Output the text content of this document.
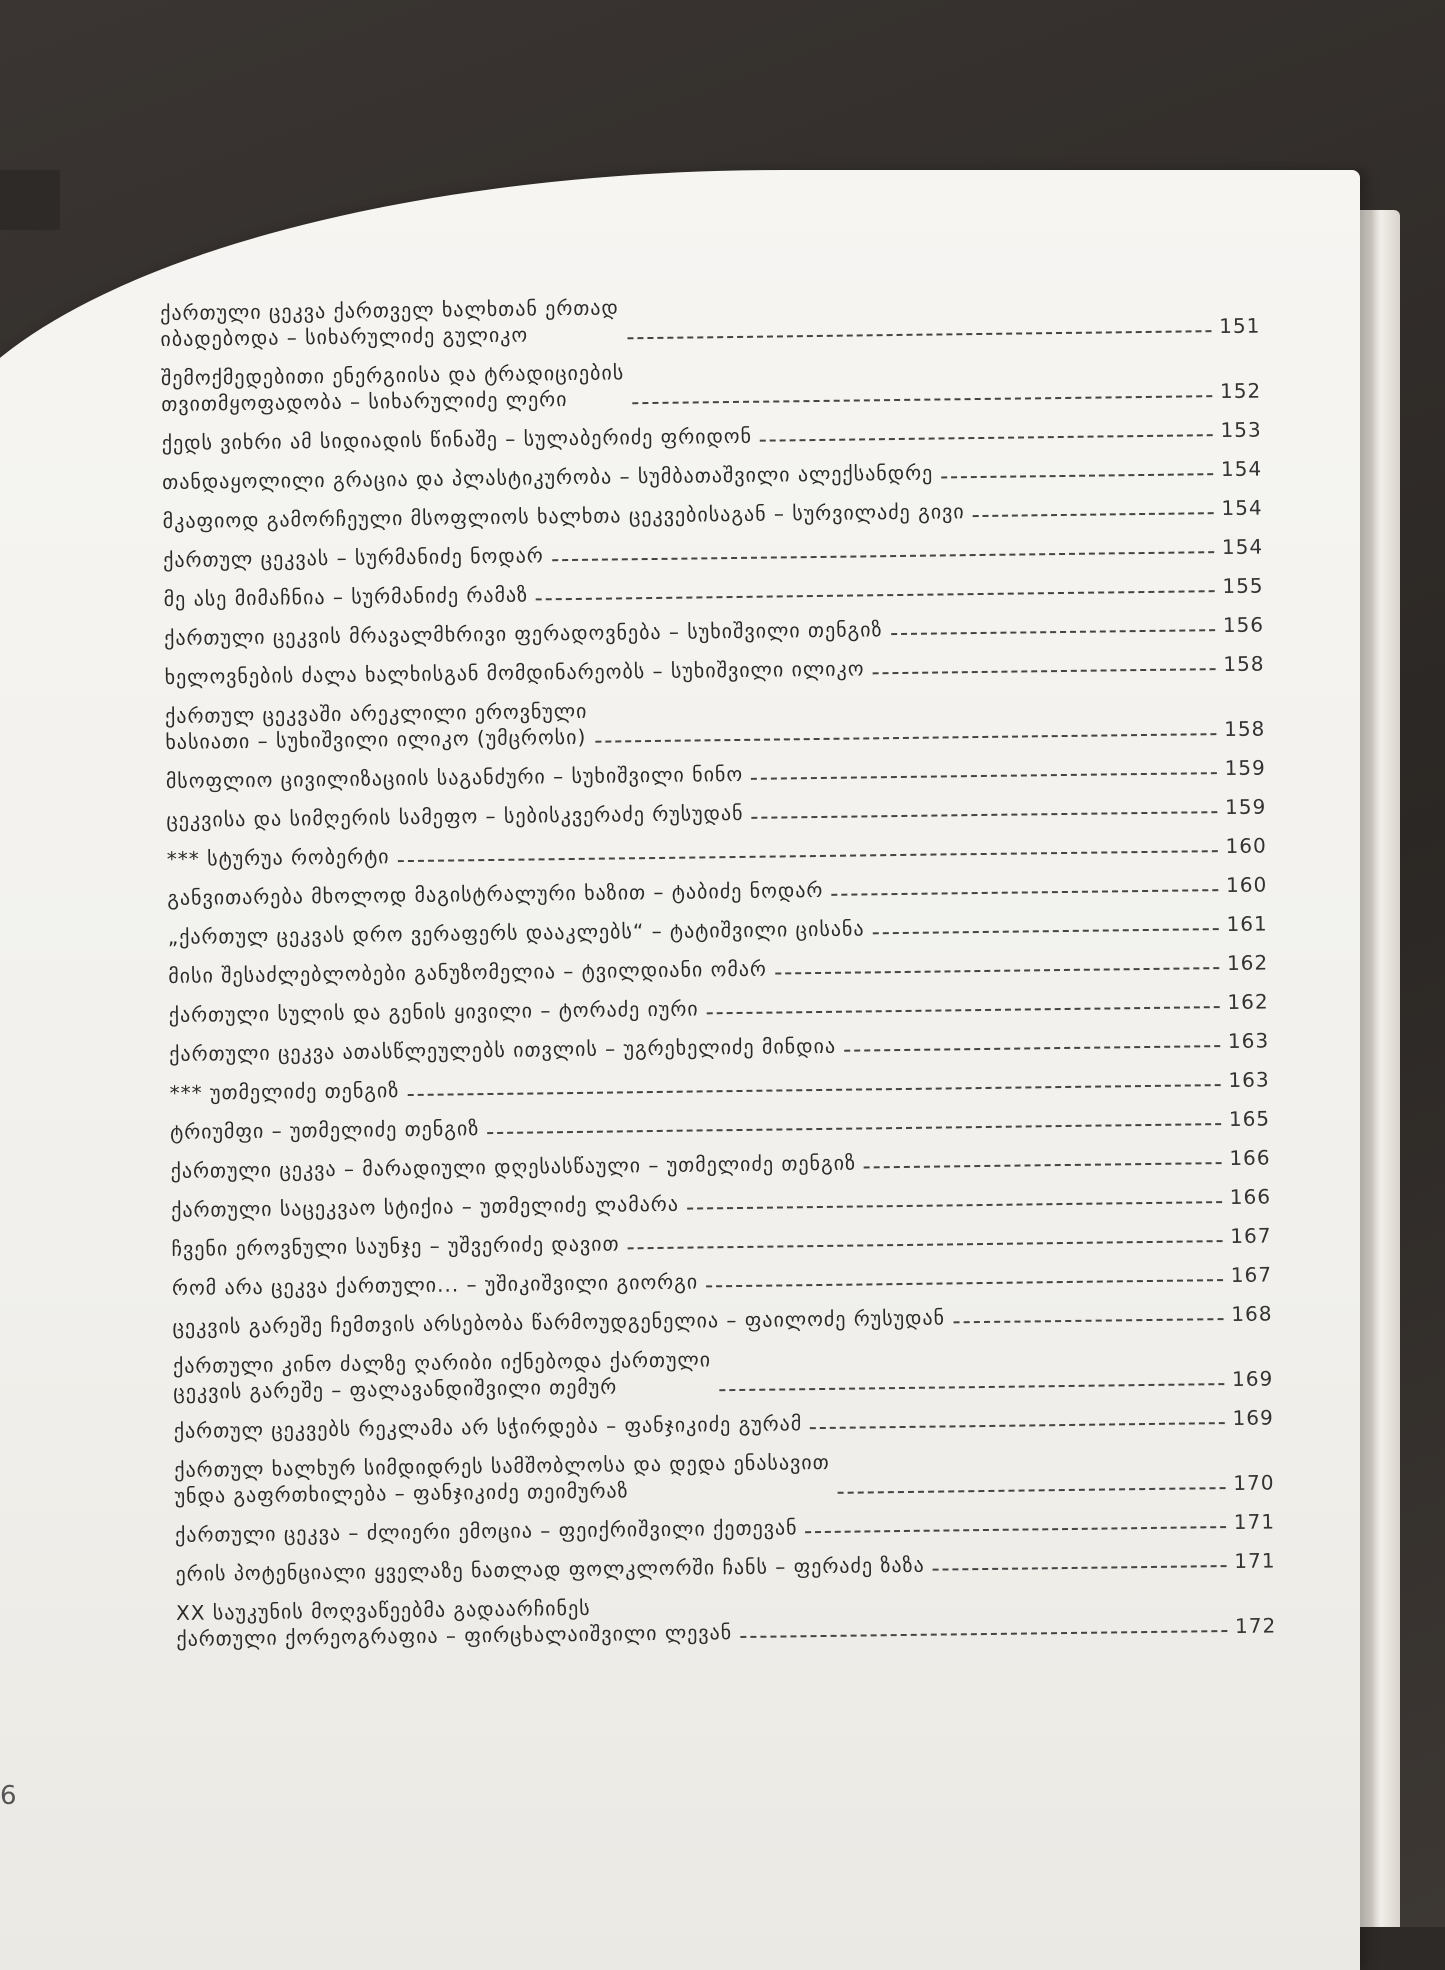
ქართული ცეკვა ქართველ ხალხთან ერთად
იბადებოდა – სიხარულიძე გულიკო	151
შემოქმედებითი ენერგიისა და ტრადიციების
თვითმყოფადობა – სიხარულიძე ლერი	152
ქედს ვიხრი ამ სიდიადის წინაშე – სულაბერიძე ფრიდონ	153
თანდაყოლილი გრაცია და პლასტიკურობა – სუმბათაშვილი ალექსანდრე	154
მკაფიოდ გამორჩეული მსოფლიოს ხალხთა ცეკვებისაგან – სურვილაძე გივი	154
ქართულ ცეკვას – სურმანიძე ნოდარ	154
მე ასე მიმაჩნია – სურმანიძე რამაზ	155
ქართული ცეკვის მრავალმხრივი ფერადოვნება – სუხიშვილი თენგიზ	156
ხელოვნების ძალა ხალხისგან მომდინარეობს – სუხიშვილი ილიკო	158
ქართულ ცეკვაში არეკლილი ეროვნული
ხასიათი – სუხიშვილი ილიკო (უმცროსი)	158
მსოფლიო ცივილიზაციის საგანძური – სუხიშვილი ნინო	159
ცეკვისა და სიმღერის სამეფო – სებისკვერაძე რუსუდან	159
*** სტურუა რობერტი	160
განვითარება მხოლოდ მაგისტრალური ხაზით – ტაბიძე ნოდარ	160
„ქართულ ცეკვას დრო ვერაფერს დააკლებს“ – ტატიშვილი ცისანა	161
მისი შესაძლებლობები განუზომელია – ტვილდიანი ომარ	162
ქართული სულის და გენის ყივილი – ტორაძე იური	162
ქართული ცეკვა ათასწლეულებს ითვლის – უგრეხელიძე მინდია	163
*** უთმელიძე თენგიზ	163
ტრიუმფი – უთმელიძე თენგიზ	165
ქართული ცეკვა – მარადიული დღესასწაული – უთმელიძე თენგიზ	166
ქართული საცეკვაო სტიქია – უთმელიძე ლამარა	166
ჩვენი ეროვნული საუნჯე – უშვერიძე დავით	167
რომ არა ცეკვა ქართული... – უშიკიშვილი გიორგი	167
ცეკვის გარეშე ჩემთვის არსებობა წარმოუდგენელია – ფაილოძე რუსუდან	168
ქართული კინო ძალზე ღარიბი იქნებოდა ქართული
ცეკვის გარეშე – ფალავანდიშვილი თემურ	169
ქართულ ცეკვებს რეკლამა არ სჭირდება – ფანჯიკიძე გურამ	169
ქართულ ხალხურ სიმდიდრეს სამშობლოსა და დედა ენასავით
უნდა გაფრთხილება – ფანჯიკიძე თეიმურაზ	170
ქართული ცეკვა – ძლიერი ემოცია – ფეიქრიშვილი ქეთევან	171
ერის პოტენციალი ყველაზე ნათლად ფოლკლორში ჩანს – ფერაძე ზაზა	171
XX საუკუნის მოღვაწეებმა გადაარჩინეს
ქართული ქორეოგრაფია – ფირცხალაიშვილი ლევან	172
6
